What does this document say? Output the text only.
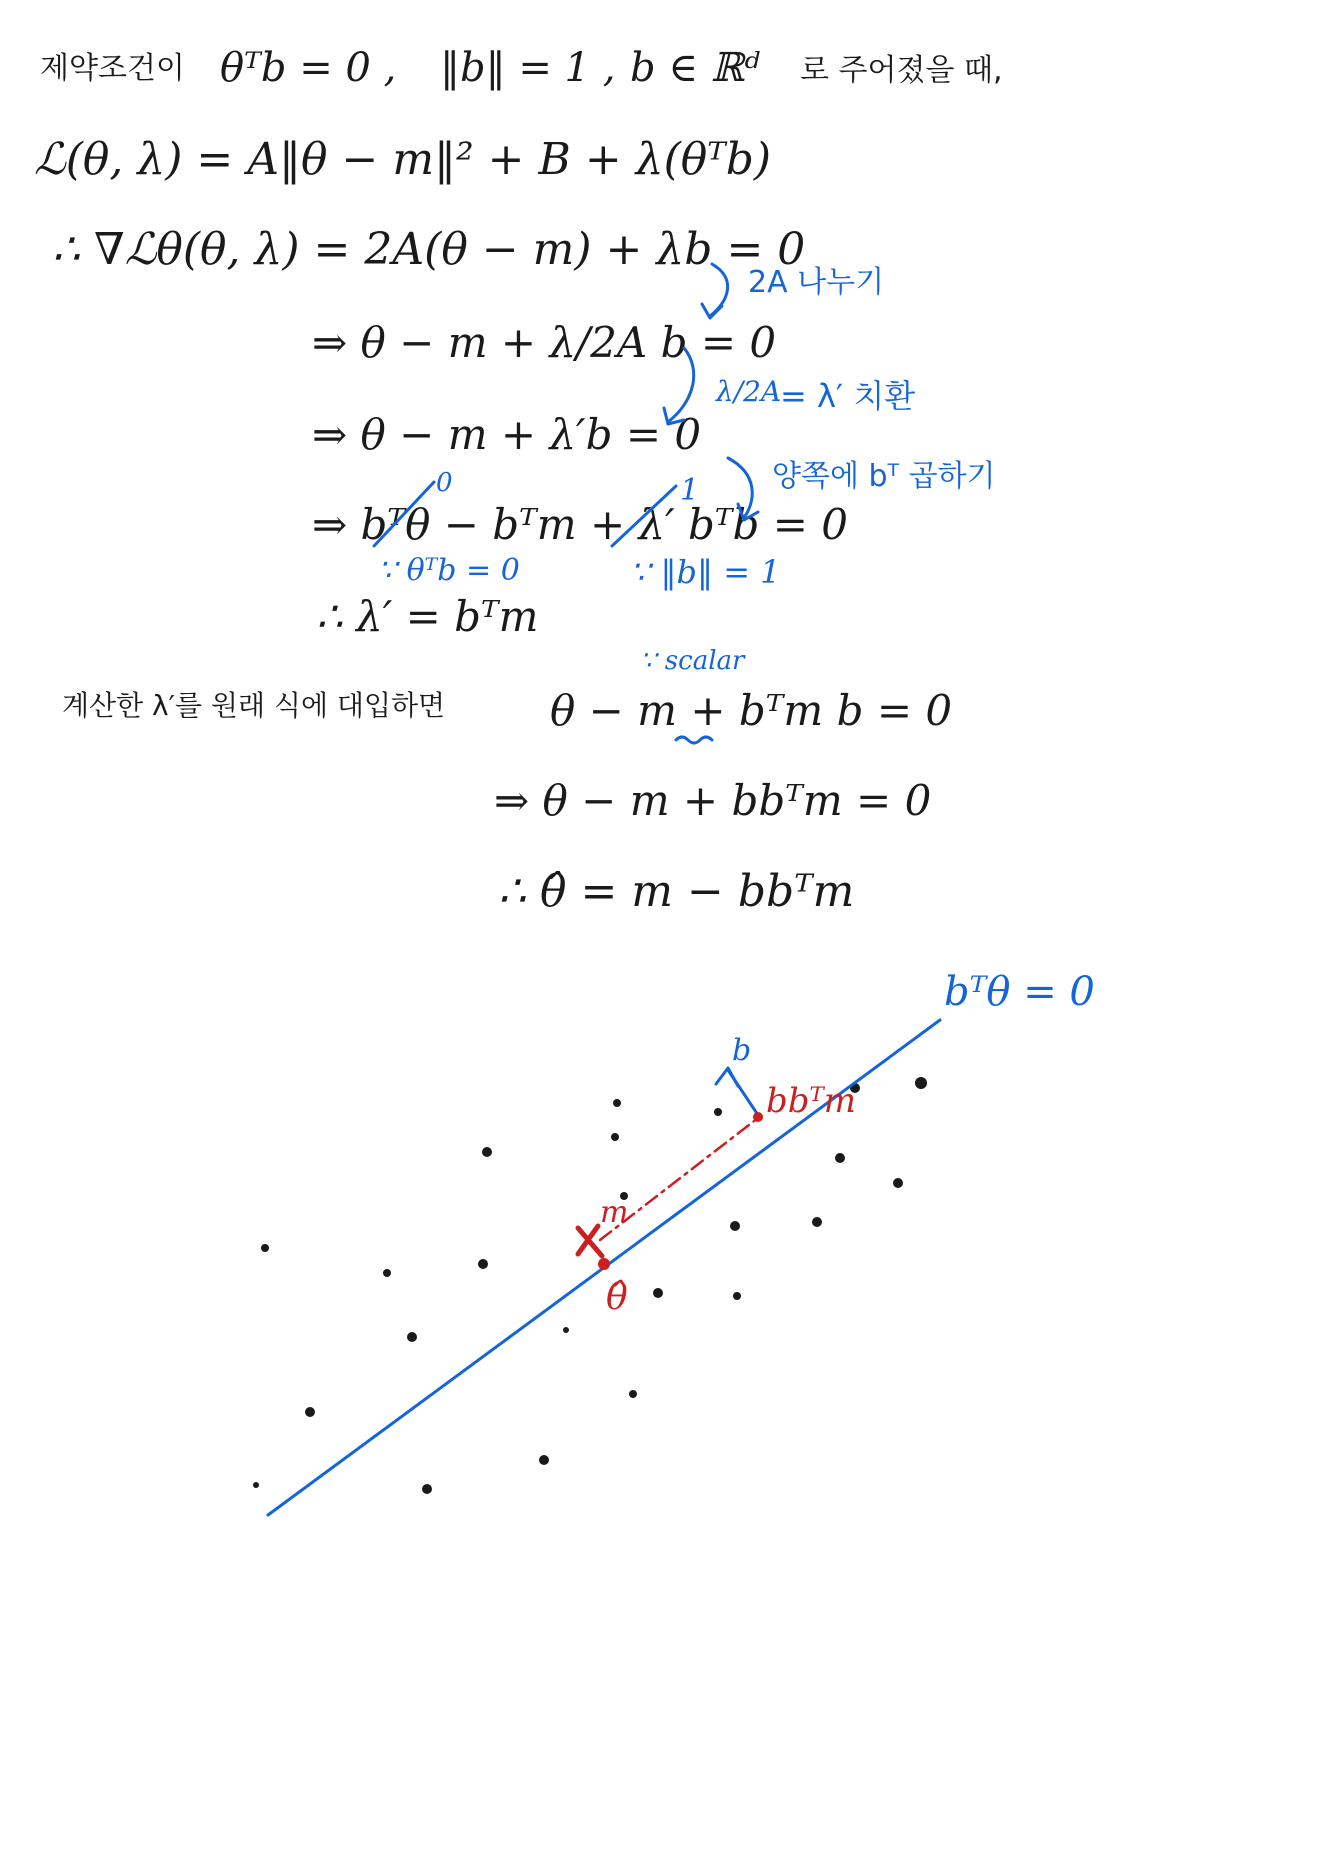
제약조건이 θᵀb = 0 , ‖b‖ = 1 , b ∈ ℝᵈ 로 주어졌을 때,
ℒ(θ, λ) = A‖θ − m‖² + B + λ(θᵀb)
∴ ∇ℒθ(θ, λ) = 2A(θ − m) + λb = 0
⇒ θ − m + λ/2A b = 0
⇒ θ − m + λ′b = 0
⇒ bᵀθ − bᵀm + λ′ bᵀb = 0
0	1
∵ θᵀb = 0	∵ ‖b‖ = 1
∴ λ′ = bᵀm
계산한 λ′를 원래 식에 대입하면 θ − m + bᵀm b = 0
∵ scalar
⇒ θ − m + bbᵀm = 0
∴ θ̂ = m − bbᵀm
2A 나누기
λ/2A
= λ′ 치환
양쪽에 bᵀ 곱하기
bᵀθ = 0
b
m
bbᵀm
θ̂
